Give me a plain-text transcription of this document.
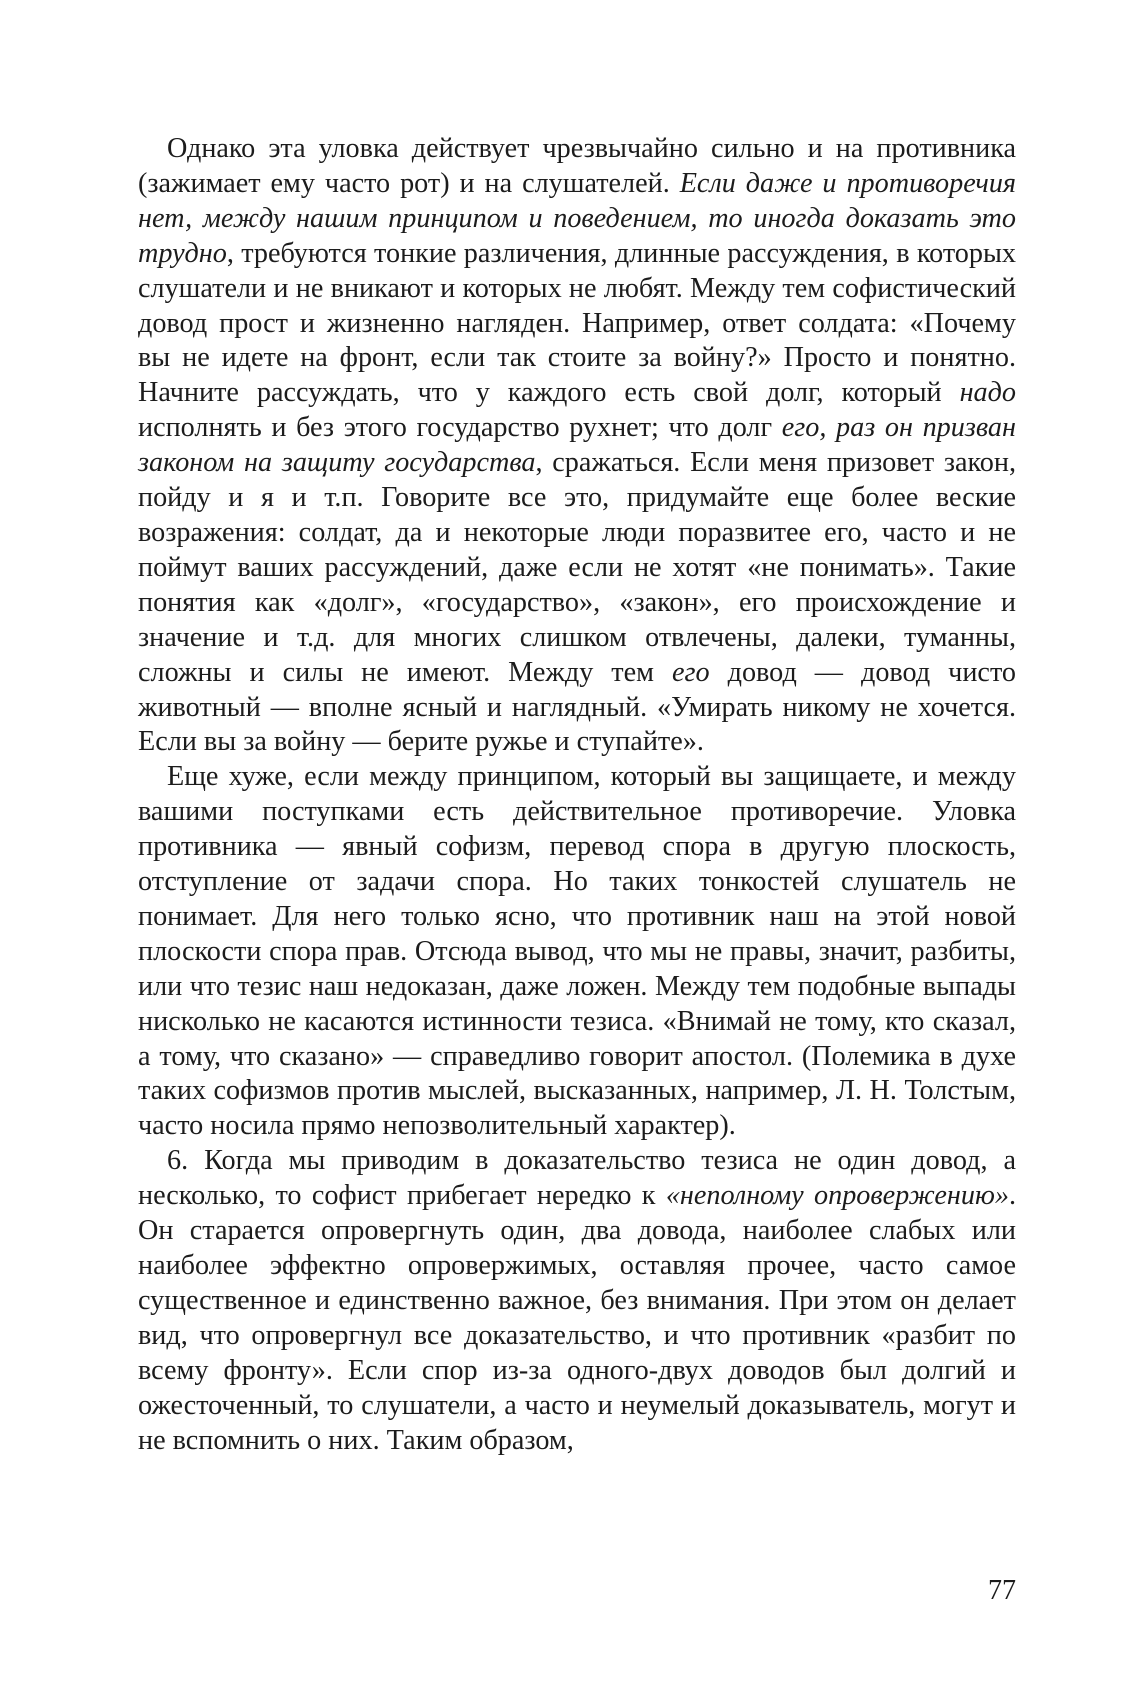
Однако эта уловка действует чрезвычайно сильно и на противника (зажимает ему часто рот) и на слушателей. Если даже и противоречия нет, между нашим принципом и поведением, то иногда доказать это трудно, требуются тонкие различения, длинные рассуждения, в которых слушатели и не вникают и которых не любят. Между тем софистический довод прост и жизненно нагляден. Например, ответ солдата: «Почему вы не идете на фронт, если так стоите за войну?» Просто и понятно. Начните рассуждать, что у каждого есть свой долг, который надо исполнять и без этого государство рухнет; что долг его, раз он призван законом на защиту государства, сражаться. Если меня призовет закон, пойду и я и т.п. Говорите все это, придумайте еще более веские возражения: солдат, да и некоторые люди поразвитее его, часто и не поймут ваших рассуждений, даже если не хотят «не понимать». Такие понятия как «долг», «государство», «закон», его происхождение и значение и т.д. для многих слишком отвлечены, далеки, туманны, сложны и силы не имеют. Между тем его довод — довод чисто животный — вполне ясный и наглядный. «Умирать никому не хочется. Если вы за войну — берите ружье и ступайте».

Еще хуже, если между принципом, который вы защищаете, и между вашими поступками есть действительное противоречие. Уловка противника — явный софизм, перевод спора в другую плоскость, отступление от задачи спора. Но таких тонкостей слушатель не понимает. Для него только ясно, что противник наш на этой новой плоскости спора прав. Отсюда вывод, что мы не правы, значит, разбиты, или что тезис наш недоказан, даже ложен. Между тем подобные выпады нисколько не касаются истинности тезиса. «Внимай не тому, кто сказал, а тому, что сказано» — справедливо говорит апостол. (Полемика в духе таких софизмов против мыслей, высказанных, например, Л. Н. Толстым, часто носила прямо непозволительный характер).

6. Когда мы приводим в доказательство тезиса не один довод, а несколько, то софист прибегает нередко к «неполному опровержению». Он старается опровергнуть один, два довода, наиболее слабых или наиболее эффектно опровержимых, оставляя прочее, часто самое существенное и единственно важное, без внимания. При этом он делает вид, что опровергнул все доказательство, и что противник «разбит по всему фронту». Если спор из-за одного-двух доводов был долгий и ожесточенный, то слушатели, а часто и неумелый доказыватель, могут и не вспомнить о них. Таким образом,

77
